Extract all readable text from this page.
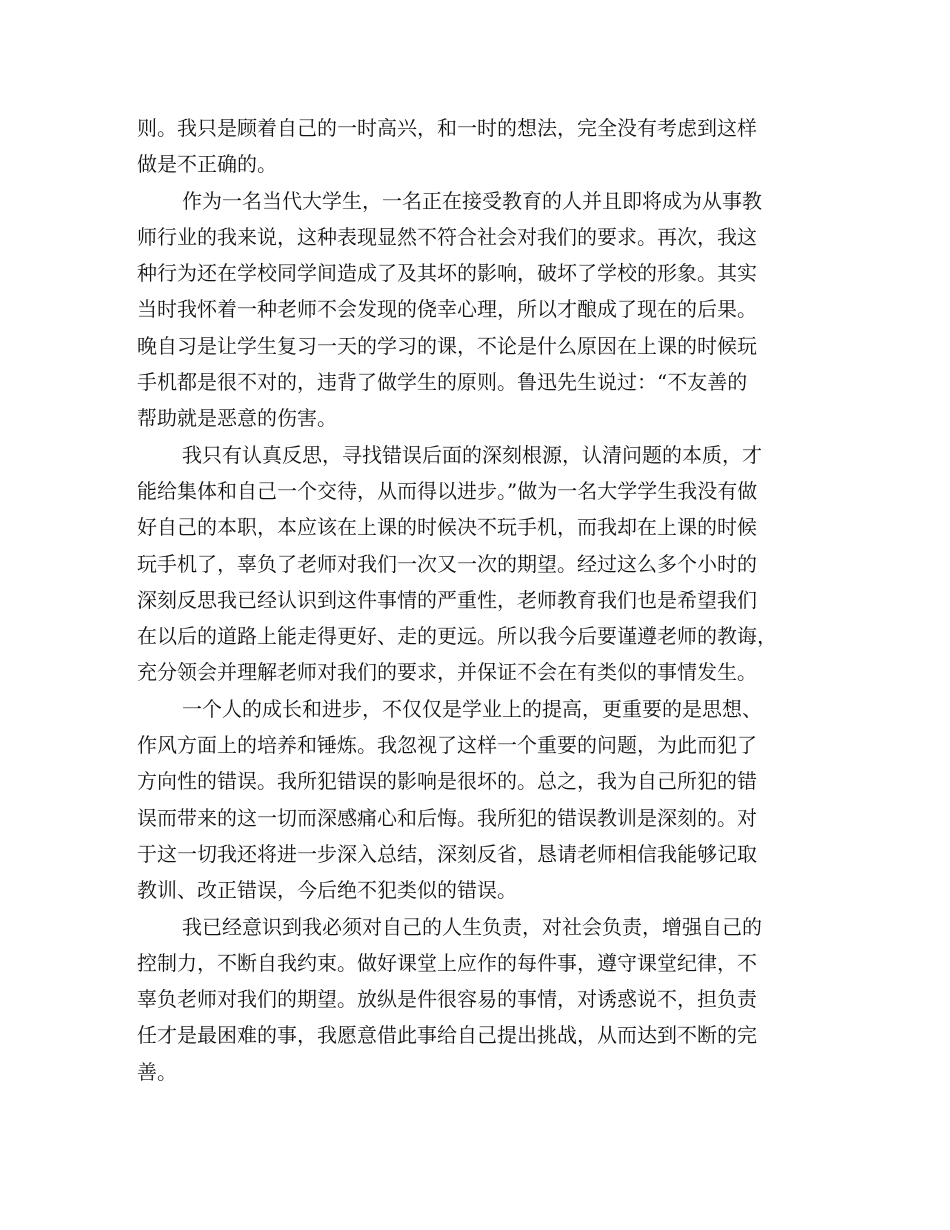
则。我只是顾着自己的一时高兴，和一时的想法，完全没有考虑到这样
做是不正确的。
作为一名当代大学生，一名正在接受教育的人并且即将成为从事教
师行业的我来说，这种表现显然不符合社会对我们的要求。再次，我这
种行为还在学校同学间造成了及其坏的影响，破坏了学校的形象。其实
当时我怀着一种老师不会发现的侥幸心理，所以才酿成了现在的后果。
晚自习是让学生复习一天的学习的课，不论是什么原因在上课的时候玩
手机都是很不对的，违背了做学生的原则。鲁迅先生说过：“不友善的
帮助就是恶意的伤害。
我只有认真反思，寻找错误后面的深刻根源，认清问题的本质，才
能给集体和自己一个交待，从而得以进步。”做为一名大学学生我没有做
好自己的本职，本应该在上课的时候决不玩手机，而我却在上课的时候
玩手机了，辜负了老师对我们一次又一次的期望。经过这么多个小时的
深刻反思我已经认识到这件事情的严重性，老师教育我们也是希望我们
在以后的道路上能走得更好、走的更远。所以我今后要谨遵老师的教诲，
充分领会并理解老师对我们的要求，并保证不会在有类似的事情发生。
一个人的成长和进步，不仅仅是学业上的提高，更重要的是思想、
作风方面上的培养和锤炼。我忽视了这样一个重要的问题，为此而犯了
方向性的错误。我所犯错误的影响是很坏的。总之，我为自己所犯的错
误而带来的这一切而深感痛心和后悔。我所犯的错误教训是深刻的。对
于这一切我还将进一步深入总结，深刻反省，恳请老师相信我能够记取
教训、改正错误，今后绝不犯类似的错误。
我已经意识到我必须对自己的人生负责，对社会负责，增强自己的
控制力，不断自我约束。做好课堂上应作的每件事，遵守课堂纪律，不
辜负老师对我们的期望。放纵是件很容易的事情，对诱惑说不，担负责
任才是最困难的事，我愿意借此事给自己提出挑战，从而达到不断的完
善。
